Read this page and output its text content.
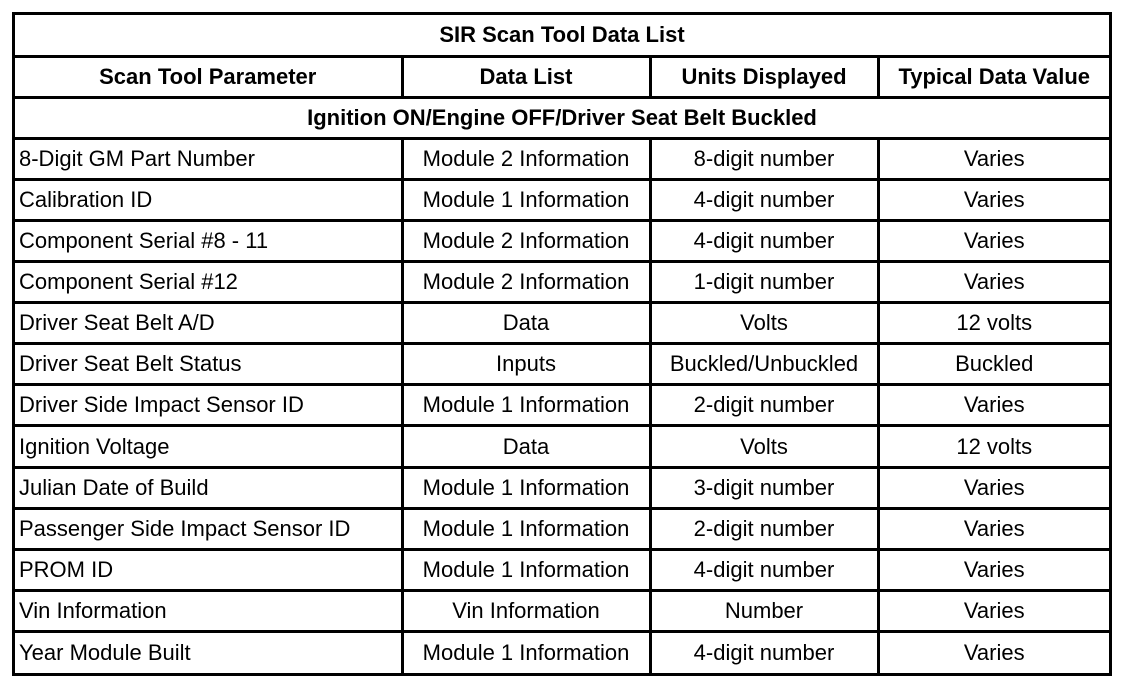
SIR Scan Tool Data List			
Scan Tool Parameter	Data List	Units Displayed	Typical Data Value
Ignition ON/Engine OFF/Driver Seat Belt Buckled			
8-Digit GM Part Number	Module 2 Information	8-digit number	Varies
Calibration ID	Module 1 Information	4-digit number	Varies
Component Serial #8 - 11	Module 2 Information	4-digit number	Varies
Component Serial #12	Module 2 Information	1-digit number	Varies
Driver Seat Belt A/D	Data	Volts	12 volts
Driver Seat Belt Status	Inputs	Buckled/Unbuckled	Buckled
Driver Side Impact Sensor ID	Module 1 Information	2-digit number	Varies
Ignition Voltage	Data	Volts	12 volts
Julian Date of Build	Module 1 Information	3-digit number	Varies
Passenger Side Impact Sensor ID	Module 1 Information	2-digit number	Varies
PROM ID	Module 1 Information	4-digit number	Varies
Vin Information	Vin Information	Number	Varies
Year Module Built	Module 1 Information	4-digit number	Varies
